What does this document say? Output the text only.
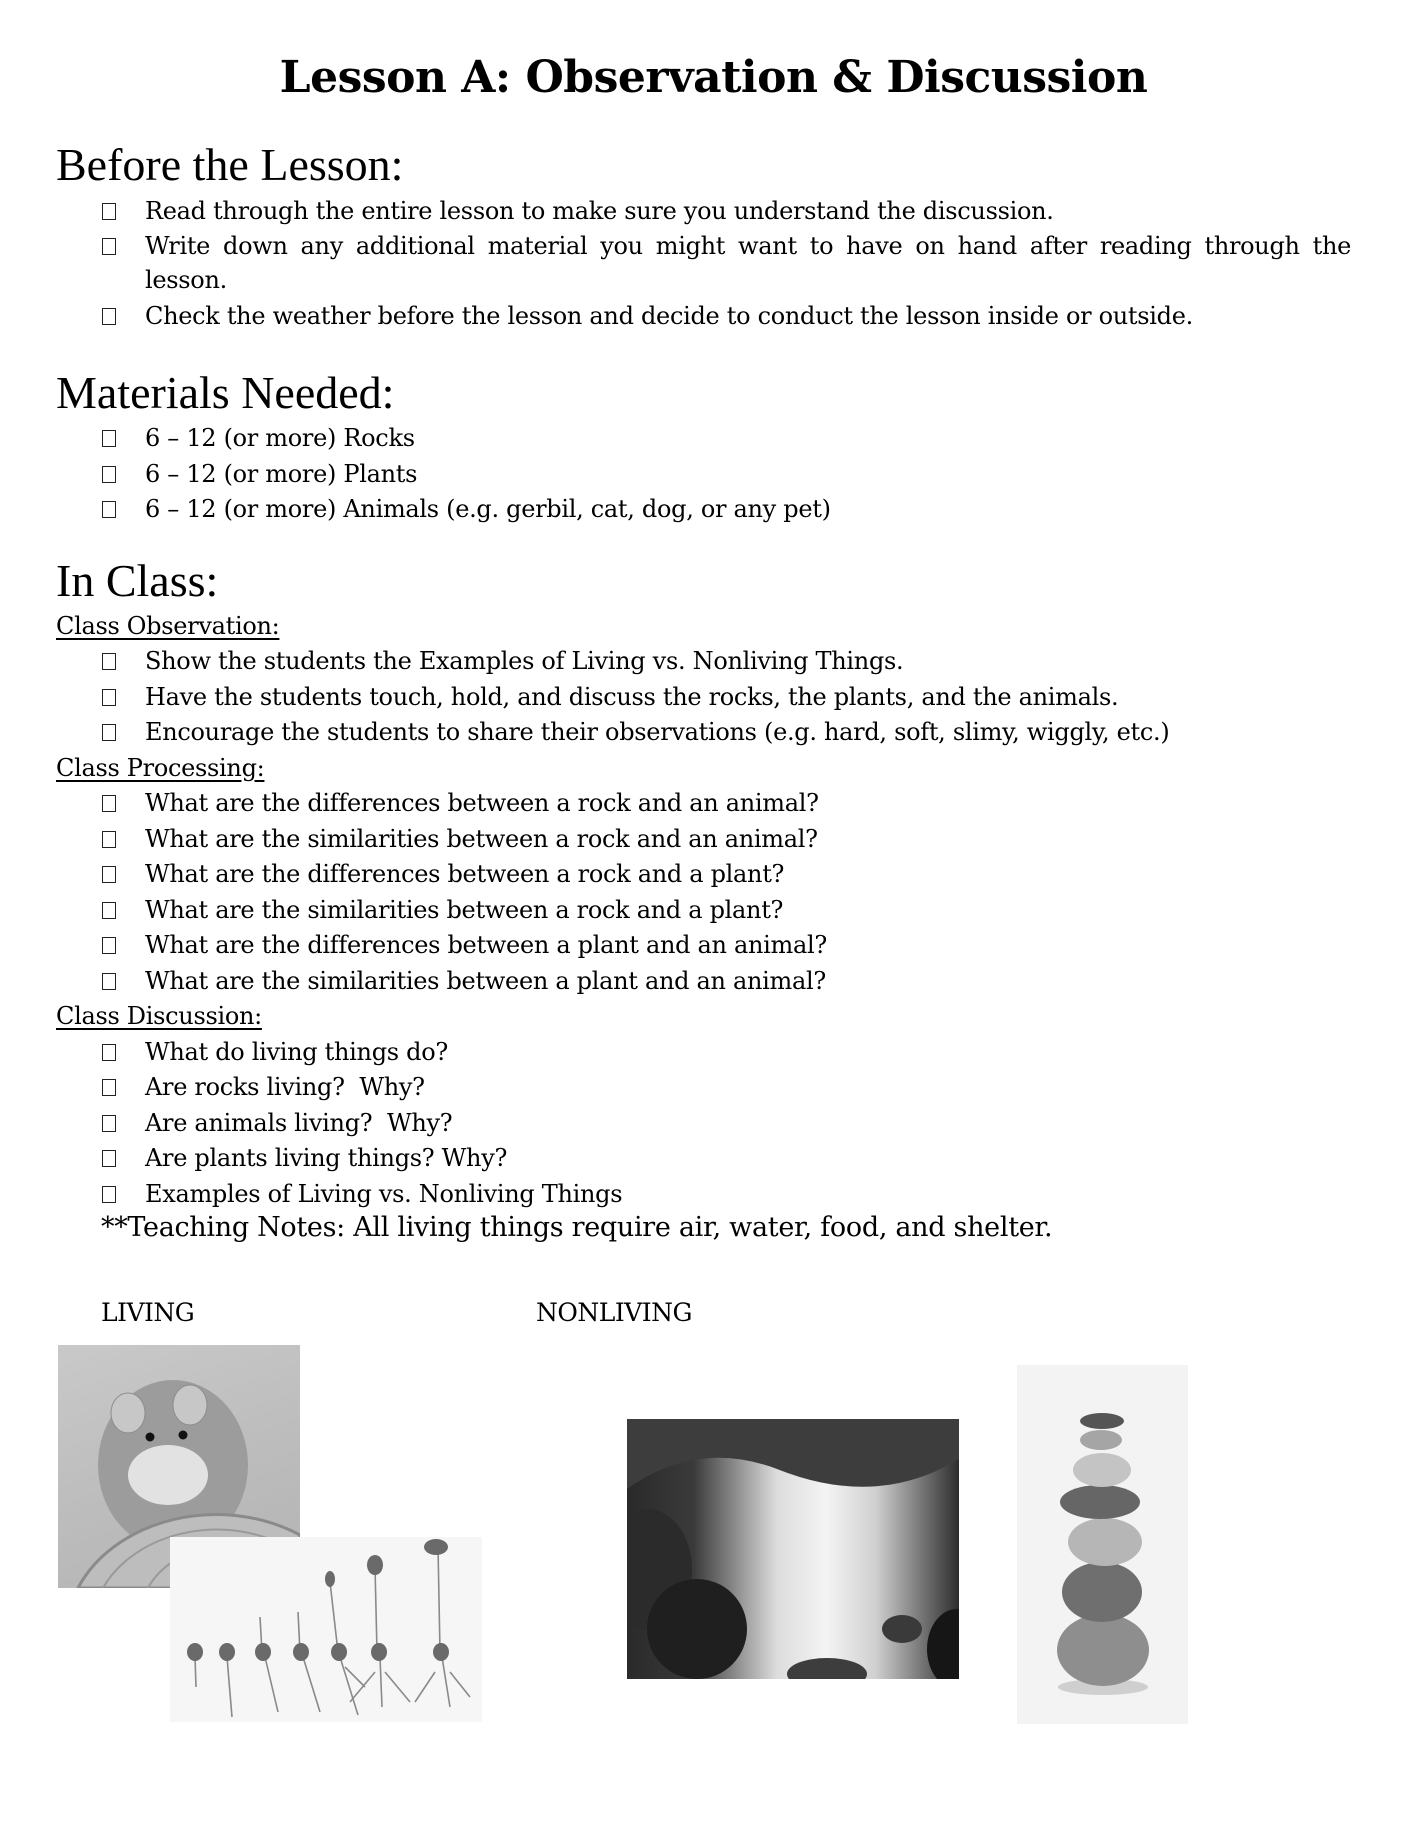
Lesson A: Observation & Discussion
Before the Lesson:
Read through the entire lesson to make sure you understand the discussion.
Write down any additional material you might want to have on hand after reading through the
lesson.
Check the weather before the lesson and decide to conduct the lesson inside or outside.
Materials Needed:
6 – 12 (or more) Rocks
6 – 12 (or more) Plants
6 – 12 (or more) Animals (e.g. gerbil, cat, dog, or any pet)
In Class:
Class Observation:
Show the students the Examples of Living vs. Nonliving Things.
Have the students touch, hold, and discuss the rocks, the plants, and the animals.
Encourage the students to share their observations (e.g. hard, soft, slimy, wiggly, etc.)
Class Processing:
What are the differences between a rock and an animal?
What are the similarities between a rock and an animal?
What are the differences between a rock and a plant?
What are the similarities between a rock and a plant?
What are the differences between a plant and an animal?
What are the similarities between a plant and an animal?
Class Discussion:
What do living things do?
Are rocks living?  Why?
Are animals living?  Why?
Are plants living things? Why?
Examples of Living vs. Nonliving Things
**Teaching Notes: All living things require air, water, food, and shelter.
LIVING	NONLIVING
